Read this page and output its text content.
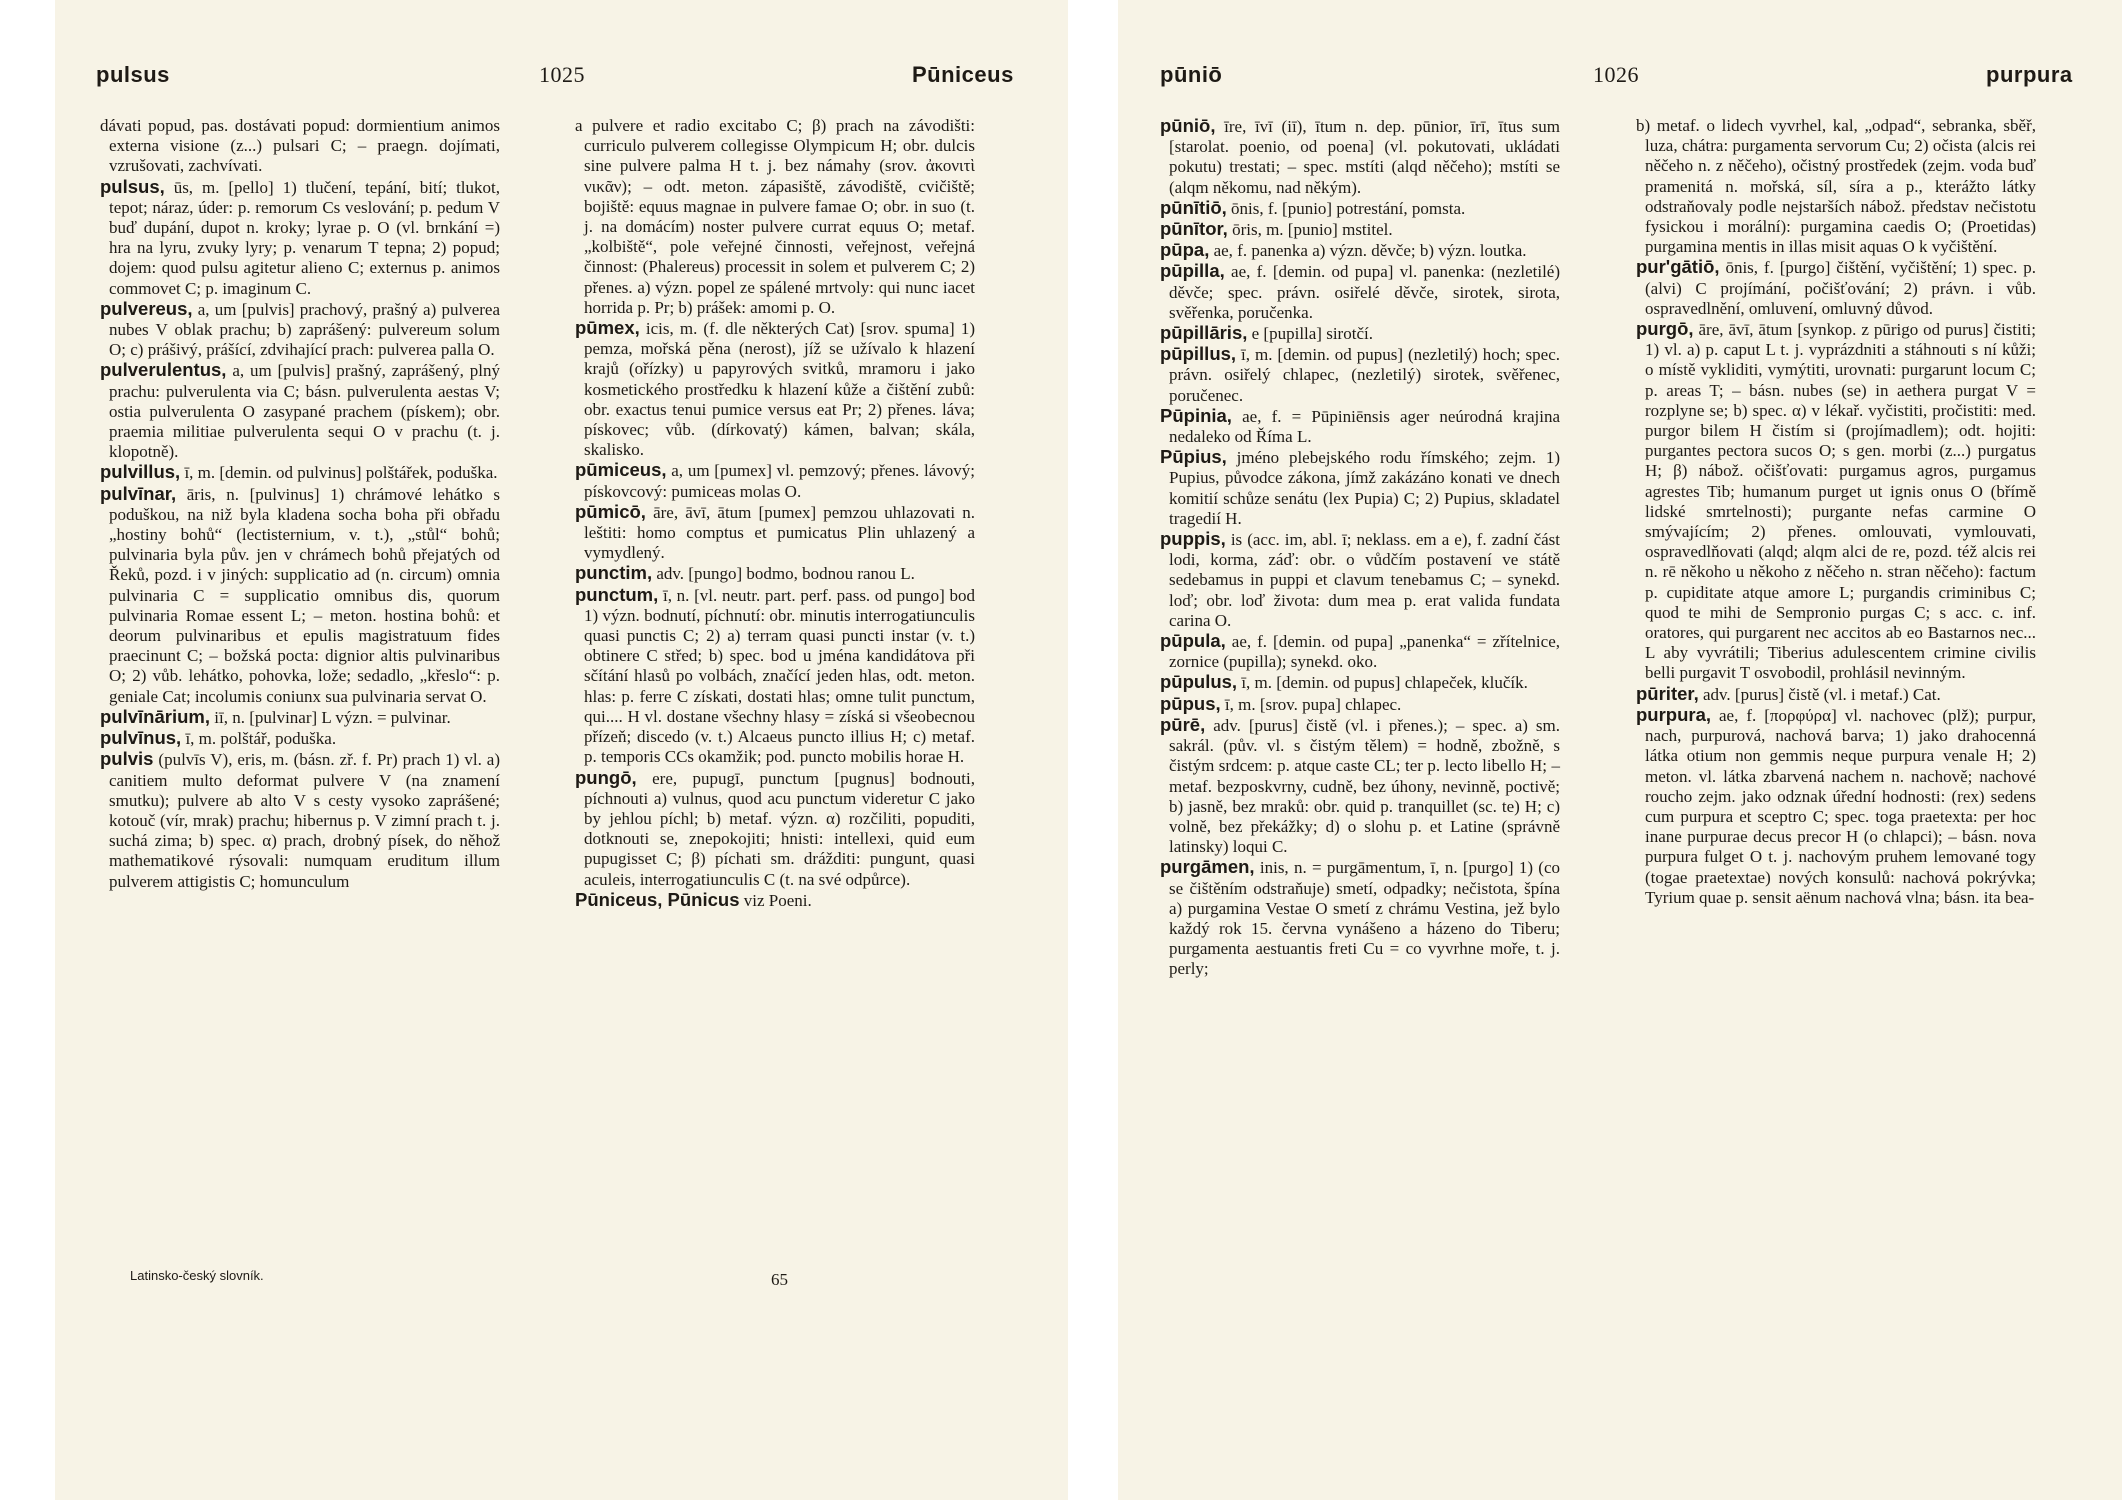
pulsus	1025	Pūniceus

dávati popud, pas. dostávati popud: dormientium animos externa visione (z...) pulsari C; – praegn. dojímati, vzrušovati, zachvívati.

pulsus, ūs, m. [pello] 1) tlučení, tepání, bití; tlukot, tepot; náraz, úder: p. remorum Cs veslování; p. pedum V buď dupání, dupot n. kroky; lyrae p. O (vl. brnkání =) hra na lyru, zvuky lyry; p. venarum T tepna; 2) popud; dojem: quod pulsu agitetur alieno C; externus p. animos commovet C; p. imaginum C.

pulvereus, a, um [pulvis] prachový, prašný a) pulverea nubes V oblak prachu; b) zaprášený: pulvereum solum O; c) prášivý, prášící, zdvihající prach: pulverea palla O.

pulverulentus, a, um [pulvis] prašný, zaprášený, plný prachu: pulverulenta via C; básn. pulverulenta aestas V; ostia pulverulenta O zasypané prachem (pískem); obr. praemia militiae pulverulenta sequi O v prachu (t. j. klopotně).

pulvillus, ī, m. [demin. od pulvinus] polštářek, poduška.

pulvīnar, āris, n. [pulvinus] 1) chrámové lehátko s poduškou, na niž byla kladena socha boha při obřadu „hostiny bohů“ (lectisternium, v. t.), „stůl“ bohů; pulvinaria byla pův. jen v chrámech bohů přejatých od Řeků, pozd. i v jiných: supplicatio ad (n. circum) omnia pulvinaria C = supplicatio omnibus dis, quorum pulvinaria Romae essent L; – meton. hostina bohů: et deorum pulvinaribus et epulis magistratuum fides praecinunt C; – božská pocta: dignior altis pulvinaribus O; 2) vůb. lehátko, pohovka, lože; sedadlo, „křeslo“: p. geniale Cat; incolumis coniunx sua pulvinaria servat O.

pulvīnārium, iī, n. [pulvinar] L význ. = pulvinar.

pulvīnus, ī, m. polštář, poduška.

pulvis (pulvīs V), eris, m. (básn. zř. f. Pr) prach 1) vl. a) canitiem multo deformat pulvere V (na znamení smutku); pulvere ab alto V s cesty vysoko zaprášené; kotouč (vír, mrak) prachu; hibernus p. V zimní prach t. j. suchá zima; b) spec. α) prach, drobný písek, do něhož mathematikové rýsovali: numquam eruditum illum pulverem attigistis C; homunculum

a pulvere et radio excitabo C; β) prach na závodišti: curriculo pulverem collegisse Olympicum H; obr. dulcis sine pulvere palma H t. j. bez námahy (srov. ἀκονιτὶ νικᾶν); – odt. meton. zápasiště, závodiště, cvičiště; bojiště: equus magnae in pulvere famae O; obr. in suo (t. j. na domácím) noster pulvere currat equus O; metaf. „kolbiště“, pole veřejné činnosti, veřejnost, veřejná činnost: (Phalereus) processit in solem et pulverem C; 2) přenes. a) význ. popel ze spálené mrtvoly: qui nunc iacet horrida p. Pr; b) prášek: amomi p. O.

pūmex, icis, m. (f. dle některých Cat) [srov. spuma] 1) pemza, mořská pěna (nerost), jíž se užívalo k hlazení krajů (ořízky) u papyrových svitků, mramoru i jako kosmetického prostředku k hlazení kůže a čištění zubů: obr. exactus tenui pumice versus eat Pr; 2) přenes. láva; pískovec; vůb. (dírkovatý) kámen, balvan; skála, skalisko.

pūmiceus, a, um [pumex] vl. pemzový; přenes. lávový; pískovcový: pumiceas molas O.

pūmicō, āre, āvī, ātum [pumex] pemzou uhlazovati n. leštiti: homo comptus et pumicatus Plin uhlazený a vymydlený.

punctim, adv. [pungo] bodmo, bodnou ranou L.

punctum, ī, n. [vl. neutr. part. perf. pass. od pungo] bod 1) význ. bodnutí, píchnutí: obr. minutis interrogatiunculis quasi punctis C; 2) a) terram quasi puncti instar (v. t.) obtinere C střed; b) spec. bod u jména kandidátova při sčítání hlasů po volbách, značící jeden hlas, odt. meton. hlas: p. ferre C získati, dostati hlas; omne tulit punctum, qui.... H vl. dostane všechny hlasy = získá si všeobecnou přízeň; discedo (v. t.) Alcaeus puncto illius H; c) metaf. p. temporis CCs okamžik; pod. puncto mobilis horae H.

pungō, ere, pupugī, punctum [pugnus] bodnouti, píchnouti a) vulnus, quod acu punctum videretur C jako by jehlou píchl; b) metaf. význ. α) rozčiliti, popuditi, dotknouti se, znepokojiti; hnisti: intellexi, quid eum pupugisset C; β) píchati sm. drážditi: pungunt, quasi aculeis, interrogatiunculis C (t. na své odpůrce).

Pūniceus, Pūnicus viz Poeni.

Latinsko-český slovník.	65
pūniō	1026	purpura

pūniō, īre, īvī (iī), ītum n. dep. pūnior, īrī, ītus sum [starolat. poenio, od poena] (vl. pokutovati, ukládati pokutu) trestati; – spec. mstíti (alqd něčeho); mstíti se (alqm někomu, nad někým).

pūnītiō, ōnis, f. [punio] potrestání, pomsta.

pūnītor, ōris, m. [punio] mstitel.

pūpa, ae, f. panenka a) význ. děvče; b) význ. loutka.

pūpilla, ae, f. [demin. od pupa] vl. panenka: (nezletilé) děvče; spec. právn. osiřelé děvče, sirotek, sirota, svěřenka, poručenka.

pūpillāris, e [pupilla] sirotčí.

pūpillus, ī, m. [demin. od pupus] (nezletilý) hoch; spec. právn. osiřelý chlapec, (nezletilý) sirotek, svěřenec, poručenec.

Pūpinia, ae, f. = Pūpiniēnsis ager neúrodná krajina nedaleko od Říma L.

Pūpius, jméno plebejského rodu římského; zejm. 1) Pupius, původce zákona, jímž zakázáno konati ve dnech komitií schůze senátu (lex Pupia) C; 2) Pupius, skladatel tragedií H.

puppis, is (acc. im, abl. ī; neklass. em a e), f. zadní část lodi, korma, záď: obr. o vůdčím postavení ve státě sedebamus in puppi et clavum tenebamus C; – synekd. loď; obr. loď života: dum mea p. erat valida fundata carina O.

pūpula, ae, f. [demin. od pupa] „panenka“ = zřítelnice, zornice (pupilla); synekd. oko.

pūpulus, ī, m. [demin. od pupus] chlapeček, klučík.

pūpus, ī, m. [srov. pupa] chlapec.

pūrē, adv. [purus] čistě (vl. i přenes.); – spec. a) sm. sakrál. (pův. vl. s čistým tělem) = hodně, zbožně, s čistým srdcem: p. atque caste CL; ter p. lecto libello H; – metaf. bezposkvrny, cudně, bez úhony, nevinně, poctivě; b) jasně, bez mraků: obr. quid p. tranquillet (sc. te) H; c) volně, bez překážky; d) o slohu p. et Latine (správně latinsky) loqui C.

purgāmen, inis, n. = purgāmentum, ī, n. [purgo] 1) (co se čištěním odstraňuje) smetí, odpadky; nečistota, špína a) purgamina Vestae O smetí z chrámu Vestina, jež bylo každý rok 15. června vynášeno a házeno do Tiberu; purgamenta aestuantis freti Cu = co vyvrhne moře, t. j. perly;

b) metaf. o lidech vyvrhel, kal, „odpad“, sebranka, sběř, luza, chátra: purgamenta servorum Cu; 2) očista (alcis rei něčeho n. z něčeho), očistný prostředek (zejm. voda buď pramenitá n. mořská, síl, síra a p., kterážto látky odstraňovaly podle nejstarších nábož. představ nečistotu fysickou i morální): purgamina caedis O; (Proetidas) purgamina mentis in illas misit aquas O k vyčištění.

pur'gātiō, ōnis, f. [purgo] čištění, vyčištění; 1) spec. p. (alvi) C projímání, počišťování; 2) právn. i vůb. ospravedlnění, omluvení, omluvný důvod.

purgō, āre, āvī, ātum [synkop. z pūrigo od purus] čistiti; 1) vl. a) p. caput L t. j. vyprázdniti a stáhnouti s ní kůži; o místě vykliditi, vymýtiti, urovnati: purgarunt locum C; p. areas T; – básn. nubes (se) in aethera purgat V = rozplyne se; b) spec. α) v lékař. vyčistiti, pročistiti: med. purgor bilem H čistím si (projímadlem); odt. hojiti: purgantes pectora sucos O; s gen. morbi (z...) purgatus H; β) nábož. očišťovati: purgamus agros, purgamus agrestes Tib; humanum purget ut ignis onus O (břímě lidské smrtelnosti); purgante nefas carmine O smývajícím; 2) přenes. omlouvati, vymlouvati, ospravedlňovati (alqd; alqm alci de re, pozd. též alcis rei n. rē někoho u někoho z něčeho n. stran něčeho): factum p. cupiditate atque amore L; purgandis criminibus C; quod te mihi de Sempronio purgas C; s acc. c. inf. oratores, qui purgarent nec accitos ab eo Bastarnos nec... L aby vyvrátili; Tiberius adulescentem crimine civilis belli purgavit T osvobodil, prohlásil nevinným.

pūriter, adv. [purus] čistě (vl. i metaf.) Cat.

purpura, ae, f. [πορφύρα] vl. nachovec (plž); purpur, nach, purpurová, nachová barva; 1) jako drahocenná látka otium non gemmis neque purpura venale H; 2) meton. vl. látka zbarvená nachem n. nachově; nachové roucho zejm. jako odznak úřední hodnosti: (rex) sedens cum purpura et sceptro C; spec. toga praetexta: per hoc inane purpurae decus precor H (o chlapci); – básn. nova purpura fulget O t. j. nachovým pruhem lemované togy (togae praetextae) nových konsulů: nachová pokrývka; Tyrium quae p. sensit aënum nachová vlna; básn. ita bea-
